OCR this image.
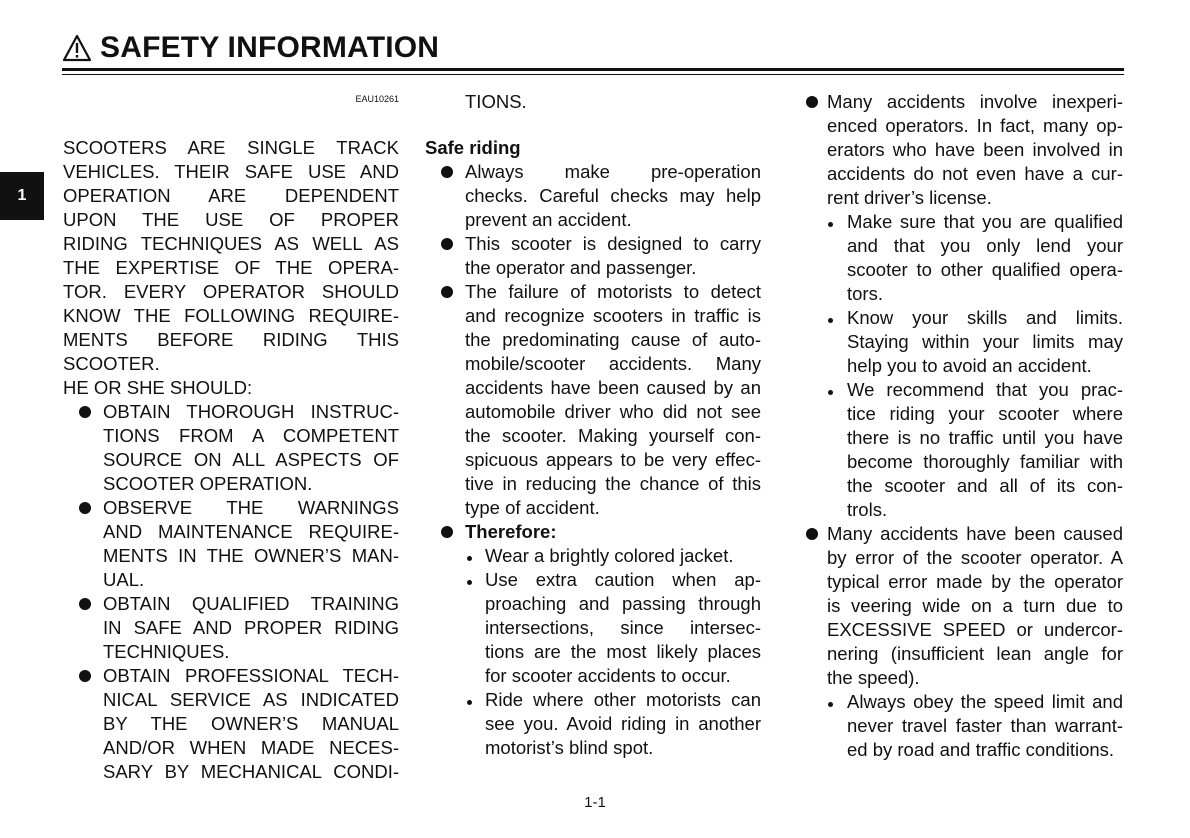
SAFETY INFORMATION
1
EAU10261

SCOOTERS ARE SINGLE TRACK

VEHICLES. THEIR SAFE USE AND

OPERATION ARE DEPENDENT

UPON THE USE OF PROPER

RIDING TECHNIQUES AS WELL AS

THE EXPERTISE OF THE OPERA-

TOR. EVERY OPERATOR SHOULD

KNOW THE FOLLOWING REQUIRE-

MENTS BEFORE RIDING THIS

SCOOTER.

HE OR SHE SHOULD:

OBTAIN THOROUGH INSTRUC-

TIONS FROM A COMPETENT

SOURCE ON ALL ASPECTS OF

SCOOTER OPERATION.

OBSERVE THE WARNINGS

AND MAINTENANCE REQUIRE-

MENTS IN THE OWNER’S MAN-

UAL.

OBTAIN QUALIFIED TRAINING

IN SAFE AND PROPER RIDING

TECHNIQUES.

OBTAIN PROFESSIONAL TECH-

NICAL SERVICE AS INDICATED

BY THE OWNER’S MANUAL

AND/OR WHEN MADE NECES-

SARY BY MECHANICAL CONDI-

TIONS.

Safe riding

Always make pre-operation

checks. Careful checks may help

prevent an accident.

This scooter is designed to carry

the operator and passenger.

The failure of motorists to detect

and recognize scooters in traffic is

the predominating cause of auto-

mobile/scooter accidents. Many

accidents have been caused by an

automobile driver who did not see

the scooter. Making yourself con-

spicuous appears to be very effec-

tive in reducing the chance of this

type of accident.

Therefore:

Wear a brightly colored jacket.

Use extra caution when ap-

proaching and passing through

intersections, since intersec-

tions are the most likely places

for scooter accidents to occur.

Ride where other motorists can

see you. Avoid riding in another

motorist’s blind spot.

Many accidents involve inexperi-

enced operators. In fact, many op-

erators who have been involved in

accidents do not even have a cur-

rent driver’s license.

Make sure that you are qualified

and that you only lend your

scooter to other qualified opera-

tors.

Know your skills and limits.

Staying within your limits may

help you to avoid an accident.

We recommend that you prac-

tice riding your scooter where

there is no traffic until you have

become thoroughly familiar with

the scooter and all of its con-

trols.

Many accidents have been caused

by error of the scooter operator. A

typical error made by the operator

is veering wide on a turn due to

EXCESSIVE SPEED or undercor-

nering (insufficient lean angle for

the speed).

Always obey the speed limit and

never travel faster than warrant-

ed by road and traffic conditions.

1-1
